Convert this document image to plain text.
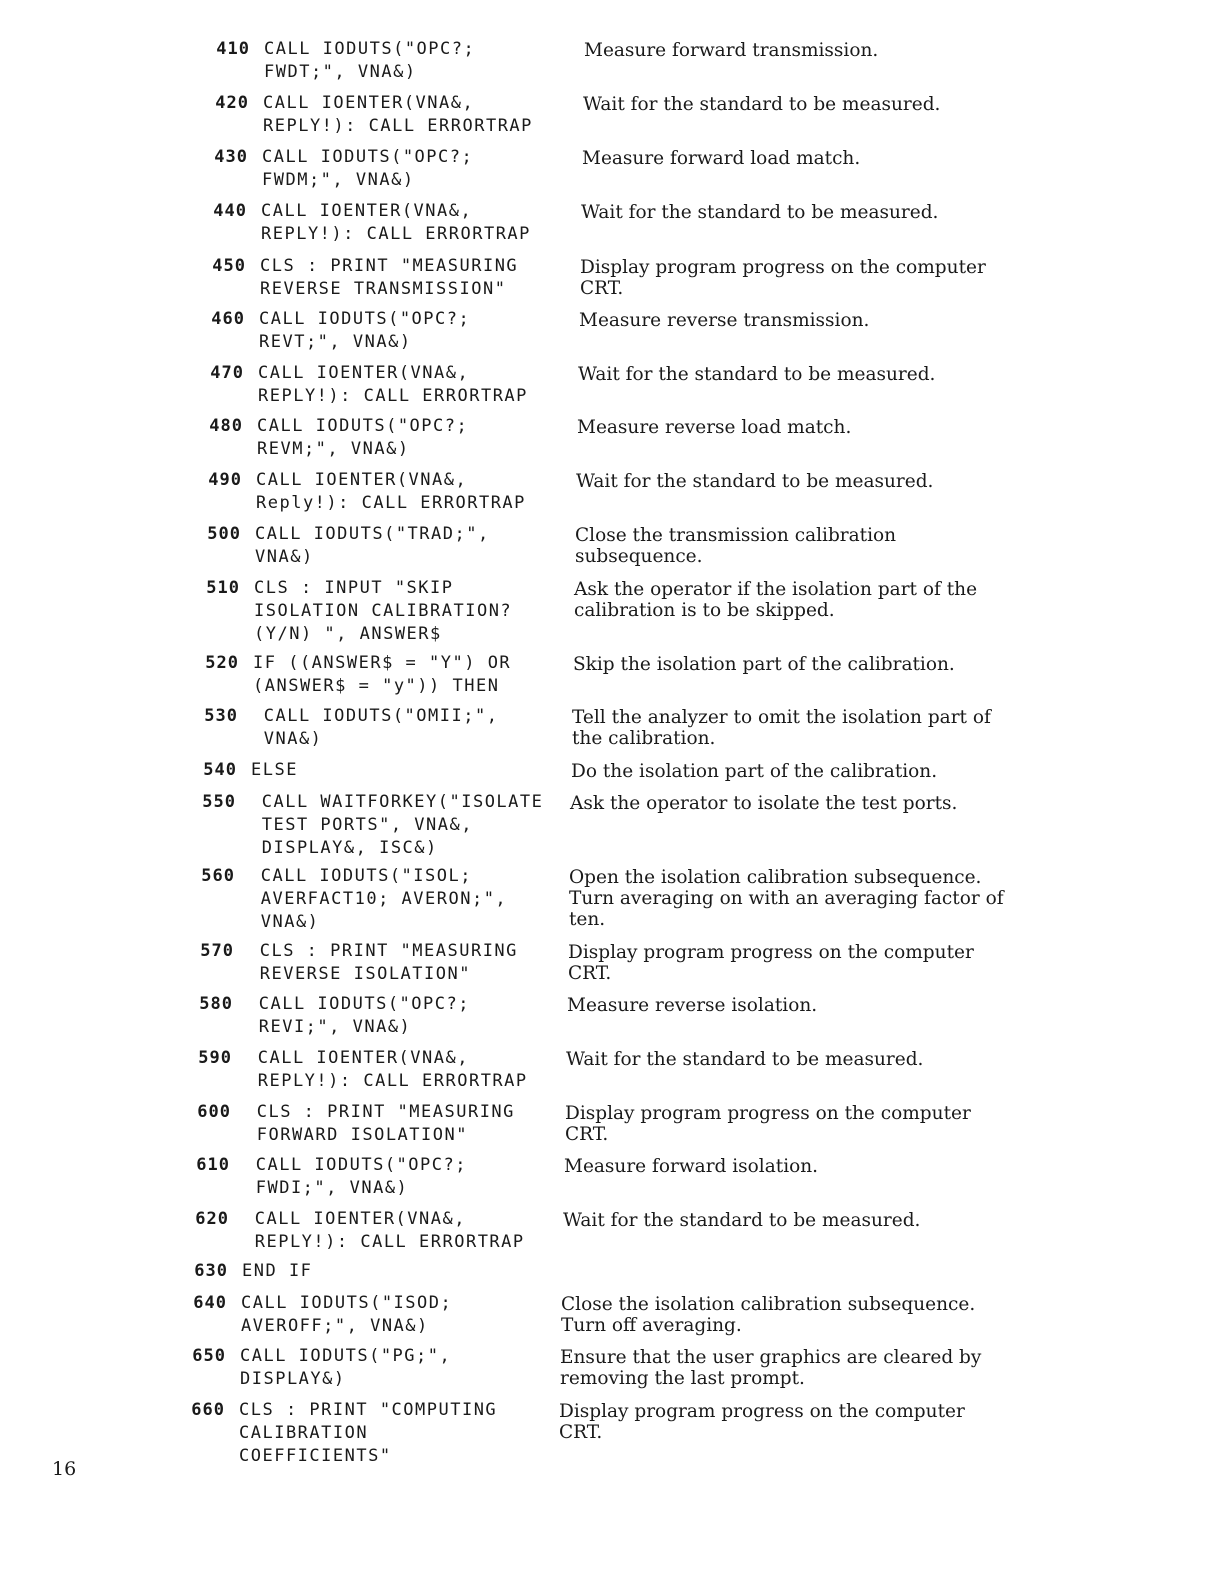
410 CALL IODUTS("OPC?;
FWDT;", VNA&)
Measure forward transmission.
420 CALL IOENTER(VNA&,
REPLY!): CALL ERRORTRAP
Wait for the standard to be measured.
430 CALL IODUTS("OPC?;
FWDM;", VNA&)
Measure forward load match.
440 CALL IOENTER(VNA&,
REPLY!): CALL ERRORTRAP
Wait for the standard to be measured.
450 CLS : PRINT "MEASURING
REVERSE TRANSMISSION"
Display program progress on the computer CRT.
460 CALL IODUTS("OPC?;
REVT;", VNA&)
Measure reverse transmission.
470 CALL IOENTER(VNA&,
REPLY!): CALL ERRORTRAP
Wait for the standard to be measured.
480 CALL IODUTS("OPC?;
REVM;", VNA&)
Measure reverse load match.
490 CALL IOENTER(VNA&,
Reply!): CALL ERRORTRAP
Wait for the standard to be measured.
500 CALL IODUTS("TRAD;",
VNA&)
Close the transmission calibration subsequence.
510 CLS : INPUT "SKIP
ISOLATION CALIBRATION?
(Y/N) ", ANSWER$
Ask the operator if the isolation part of the calibration is to be skipped.
520 IF ((ANSWER$ = "Y") OR
(ANSWER$ = "y")) THEN
Skip the isolation part of the calibration.
530	CALL IODUTS("OMII;",
VNA&)
Tell the analyzer to omit the isolation part of the calibration.
540 ELSE	Do the isolation part of the calibration.
550	CALL WAITFORKEY("ISOLATE
TEST PORTS", VNA&,
DISPLAY&, ISC&)
Ask the operator to isolate the test ports.
560	CALL IODUTS("ISOL;
AVERFACT10; AVERON;",
VNA&)
Open the isolation calibration subsequence. Turn averaging on with an averaging factor of ten.
570	CLS : PRINT "MEASURING
REVERSE ISOLATION"
Display program progress on the computer CRT.
580	CALL IODUTS("OPC?;
REVI;", VNA&)
Measure reverse isolation.
590	CALL IOENTER(VNA&,
REPLY!): CALL ERRORTRAP
Wait for the standard to be measured.
600	CLS : PRINT "MEASURING
FORWARD ISOLATION"
Display program progress on the computer CRT.
610	CALL IODUTS("OPC?;
FWDI;", VNA&)
Measure forward isolation.
620	CALL IOENTER(VNA&,
REPLY!): CALL ERRORTRAP
Wait for the standard to be measured.
630 END IF
640 CALL IODUTS("ISOD;
AVEROFF;", VNA&)
Close the isolation calibration subsequence. Turn off averaging.
650 CALL IODUTS("PG;",
DISPLAY&)
Ensure that the user graphics are cleared by removing the last prompt.
660 CLS : PRINT "COMPUTING
CALIBRATION
COEFFICIENTS"
Display program progress on the computer CRT.
16
